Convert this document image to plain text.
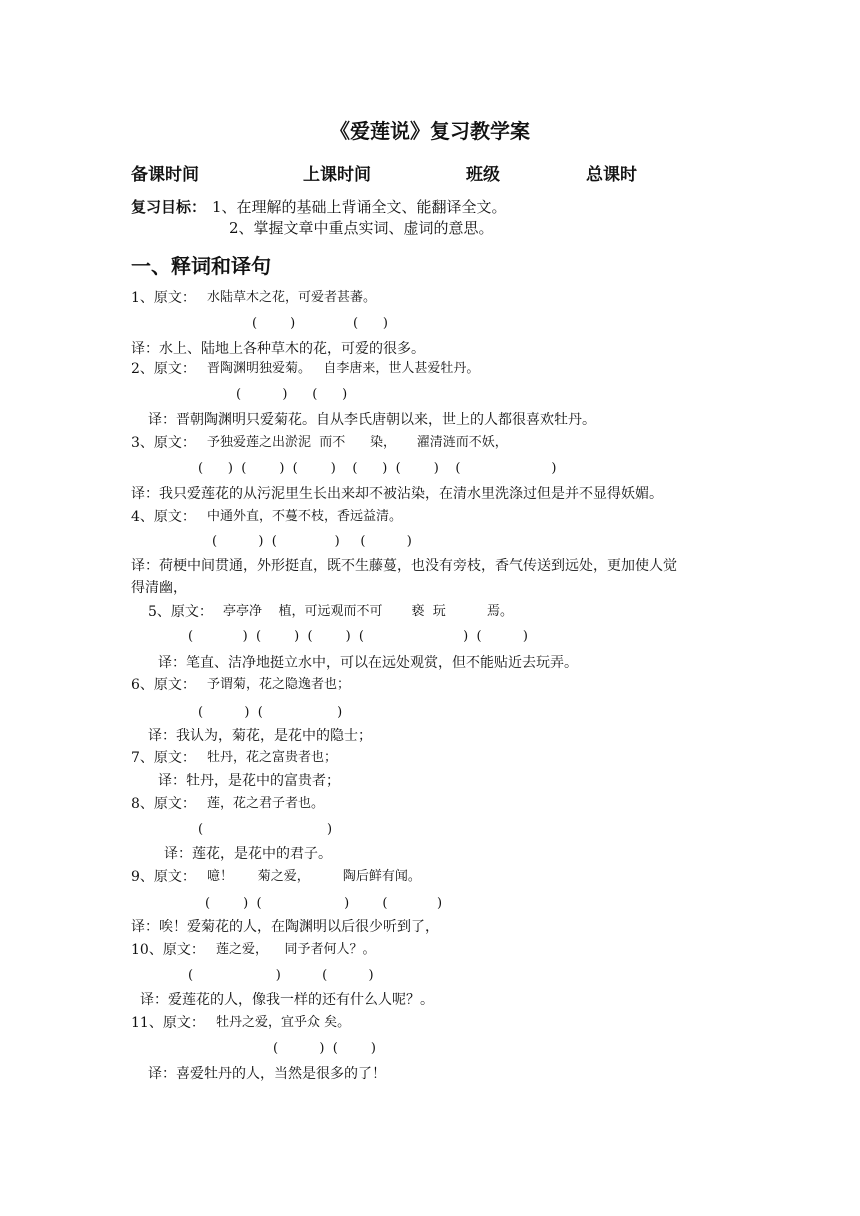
《爱莲说》复习教学案
备课时间	上课时间	班级	总课时
复习目标： 1、在理解的基础上背诵全文、能翻译全文。
2、掌握文章中重点实词、虚词的意思。
一、释词和译句
1、原文： 水陆草木之花，可爱者甚蕃。
(        )              (      )
译：水上、陆地上各种草木的花，可爱的很多。
2、原文： 晋陶渊明独爱菊。   自李唐来，世人甚爱牡丹。
(          )      (      )
译：晋朝陶渊明只爱菊花。自从李氏唐朝以来，世上的人都很喜欢牡丹。
3、原文： 予独爱莲之出淤泥  而不      染，     濯清涟而不妖，
(      )  (        )  (        )    (      )  (        )    (                      )
译：我只爱莲花的从污泥里生长出来却不被沾染，在清水里洗涤过但是并不显得妖媚。
4、原文： 中通外直，不蔓不枝，香远益清。
(          )  (              )     (          )
译：荷梗中间贯通，外形挺直，既不生藤蔓，也没有旁枝，香气传送到远处，更加使人觉
得清幽，
5、原文： 亭亭净    植，可远观而不可       亵  玩          焉。
(            )  (        )  (        )  (                        )  (          )
译：笔直、洁净地挺立水中，可以在远处观赏，但不能贴近去玩弄。
6、原文： 予谓菊，花之隐逸者也；
(          )  (                  )
译：我认为，菊花，是花中的隐士；
7、原文： 牡丹，花之富贵者也；
译：牡丹，是花中的富贵者；
8、原文： 莲，花之君子者也。
(                              )
译：莲花，是花中的君子。
9、原文： 噫！      菊之爱，        陶后鲜有闻。
(        )  (                    )        (            )
译：唉！爱菊花的人，在陶渊明以后很少听到了，
10、原文： 莲之爱，    同予者何人？。
(                    )          (          )
译：爱莲花的人，像我一样的还有什么人呢？。
11、原文： 牡丹之爱，宜乎众 矣。
(          )  (        )
译：喜爱牡丹的人，当然是很多的了！
